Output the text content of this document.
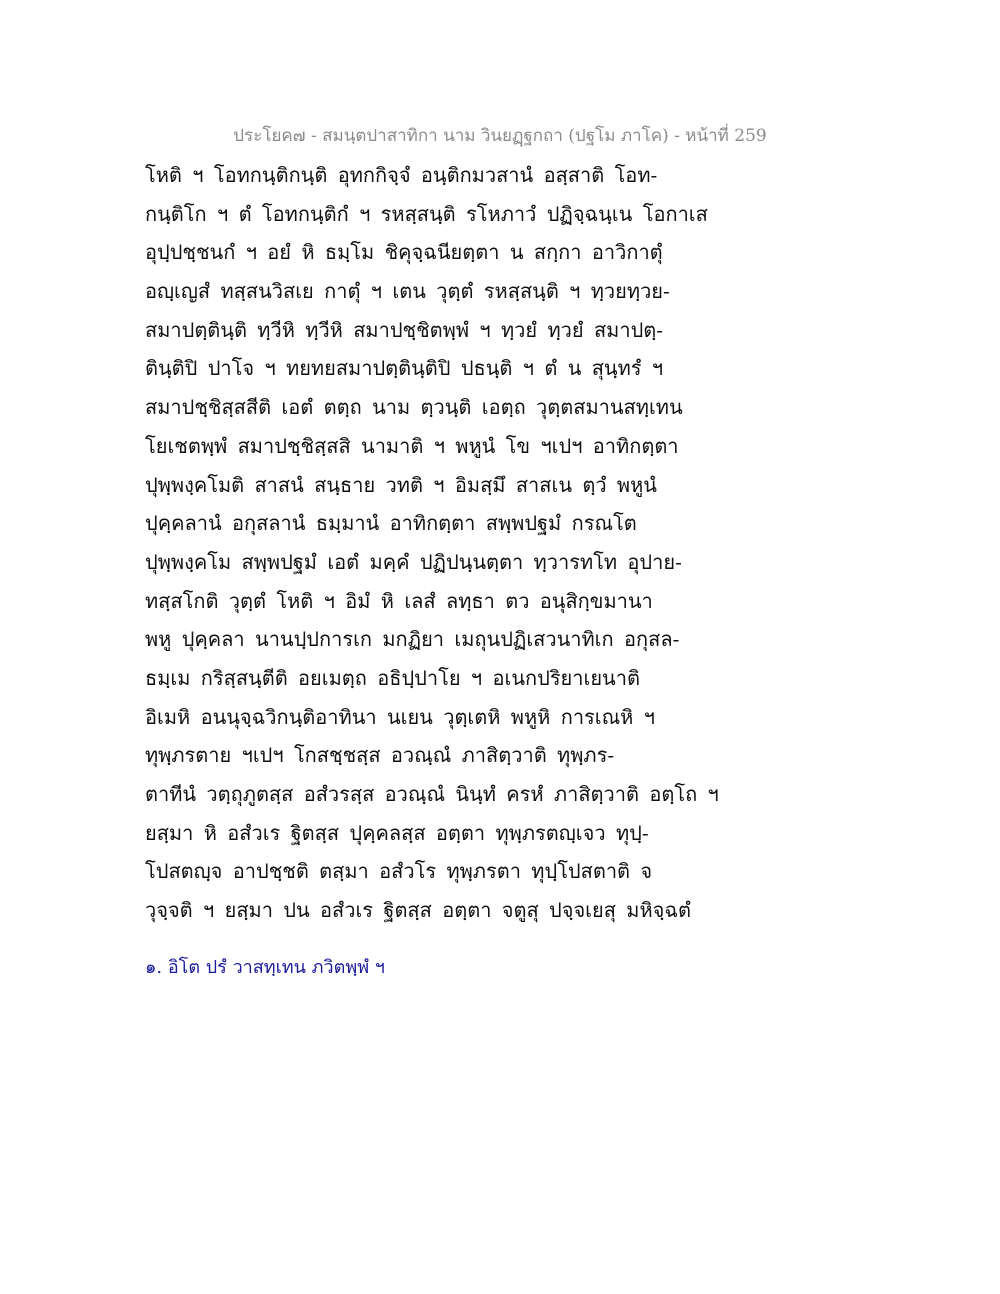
ประโยค๗ - สมนฺตปาสาทิกา นาม วินยฏฺฐกถา (ปฐโม ภาโค) - หน้าที่ 259
โหติ ฯ โอทกนฺติกนฺติ อุทกกิจฺจํ อนฺติกมวสานํ อสฺสาติ โอท-
กนฺติโก ฯ ตํ โอทกนฺติกํ ฯ รหสฺสนฺติ รโหภาวํ ปฏิจฺฉนฺเน โอกาเส
อุปฺปชฺชนกํ ฯ อยํ หิ ธมฺโม ชิคุจฺฉนียตฺตา น สกฺกา อาวิกาตุํ
อญฺเญสํ ทสฺสนวิสเย กาตุํ ฯ เตน วุตฺตํ รหสฺสนฺติ ฯ ทฺวยทฺวย-
สมาปตฺตินฺติ ทฺวีหิ ทฺวีหิ สมาปชฺชิตพฺพํ ฯ ทฺวยํ ทฺวยํ สมาปตฺ-
ตินฺติปิ ปาโจ ฯ ทยทยสมาปตฺตินฺติปิ ปธนฺติ ฯ ตํ น สุนฺทรํ ฯ
สมาปชฺชิสฺสสีติ เอตํ ตตฺถ นาม ตฺวนฺติ เอตฺถ วุตฺตสมานสทฺเทน
โยเชตพฺพํ สมาปชฺชิสฺสสิ นามาติ ฯ พหูนํ โข ฯเปฯ อาทิกตฺตา
ปุพฺพงฺคโมติ สาสนํ สนฺธาย วทติ ฯ อิมสฺมึ สาสเน ตฺวํ พหูนํ
ปุคฺคลานํ อกุสลานํ ธมฺมานํ อาทิกตฺตา สพฺพปฐมํ กรณโต
ปุพฺพงฺคโม สพฺพปฐมํ เอตํ มคฺคํ ปฏิปนฺนตฺตา ทฺวารทโท อุปาย-
ทสฺสโกติ วุตฺตํ โหติ ฯ อิมํ หิ เลสํ ลทฺธา ตว อนุสิกฺขมานา
พหู ปุคฺคลา นานปฺปการเก มกฏิยา เมถุนปฏิเสวนาทิเก อกุสล-
ธมฺเม กริสฺสนฺตีติ อยเมตฺถ อธิปฺปาโย ฯ อเนกปริยาเยนาติ
อิเมหิ อนนุจฺฉวิกนฺติอาทินา นเยน วุตฺเตหิ พหูหิ การเณหิ ฯ
ทุพฺภรตาย ฯเปฯ โกสชฺชสฺส อวณฺณํ ภาสิตฺวาติ ทุพฺภร-
ตาทีนํ วตฺถุภูตสฺส อสํวรสฺส อวณฺณํ นินฺทํ ครหํ ภาสิตฺวาติ อตฺโถ ฯ
ยสฺมา หิ อสํวเร ฐิตสฺส ปุคฺคลสฺส อตฺตา ทุพฺภรตญฺเจว ทุปฺ-
โปสตญฺจ อาปชฺชติ ตสฺมา อสํวโร ทุพฺภรตา ทุปฺโปสตาติ จ
วุจฺจติ ฯ ยสฺมา ปน อสํวเร ฐิตสฺส อตฺตา จตูสุ ปจฺจเยสุ มหิจฺฉตํ
๑. อิโต ปรํ วาสทฺเทน ภวิตพฺพํ ฯ
